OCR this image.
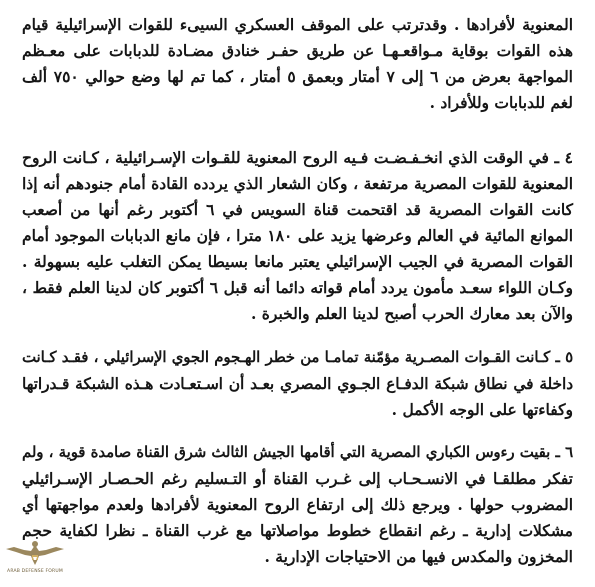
المعنوية لأفرادها . وقدترتب على الموقف العسكري السيىء للقوات الإسرائيلية قيام
هذه القوات بوقاية مـواقعـهـا عن طريق حفـر خنادق مضـادة للدبابات على معـظم
المواجهة بعرض من ٦ إلى ٧ أمتار وبعمق ٥ أمتار ، كما تم لها وضع حوالي ٧٥٠ ألف
لغم للدبابات وللأفراد .
٤ ـ في الوقت الذي انخـفـضـت فـيه الروح المعنوية للقـوات الإسـرائيلية ، كـانت الروح
المعنوية للقوات المصرية مرتفعة ، وكان الشعار الذي يردده القادة أمام جنودهم أنه إذا
كانت القوات المصرية قد اقتحمت قناة السويس في ٦ أكتوبر رغم أنها من أصعب
الموانع المائية في العالم وعرضها يزيد على ١٨٠ مترا ، فإن مانع الدبابات الموجود أمام
القوات المصرية في الجيب الإسرائيلي يعتبر مانعا بسيطا يمكن التغلب عليه بسهولة .
وكـان اللواء سعـد مأمون يردد أمام قواته دائما أنه قبل ٦ أكتوبر كان لدينا العلم فقط ،
والآن بعد معارك الحرب أصبح لدينا العلم والخبرة .
٥ ـ كـانت القـوات المصـرية مؤمّنة تمامـا من خطر الهـجوم الجوي الإسرائيلي ، فقـد كـانت
داخلة في نطاق شبكة الدفـاع الجـوي المصري بعـد أن اسـتعـادت هـذه الشبكة قـدراتها
وكفاءتها على الوجه الأكمل .
٦ ـ بقيت رءوس الكباري المصرية التي أقامها الجيش الثالث شرق القناة صامدة قوية ، ولم
تفكر مطلقـا في الانسـحـاب إلى غـرب القناة أو التـسليم رغم الحـصـار الإسـرائيلي
المضروب حولها . ويرجع ذلك إلى ارتفاع الروح المعنوية لأفرادها ولعدم مواجهتها أي
مشكلات إدارية ـ رغم انقطاع خطوط مواصلاتها مع غرب القناة ـ نظرا لكفاية حجم
المخزون والمكدس فيها من الاحتياجات الإدارية .
ARAB DEFENSE FORUM
